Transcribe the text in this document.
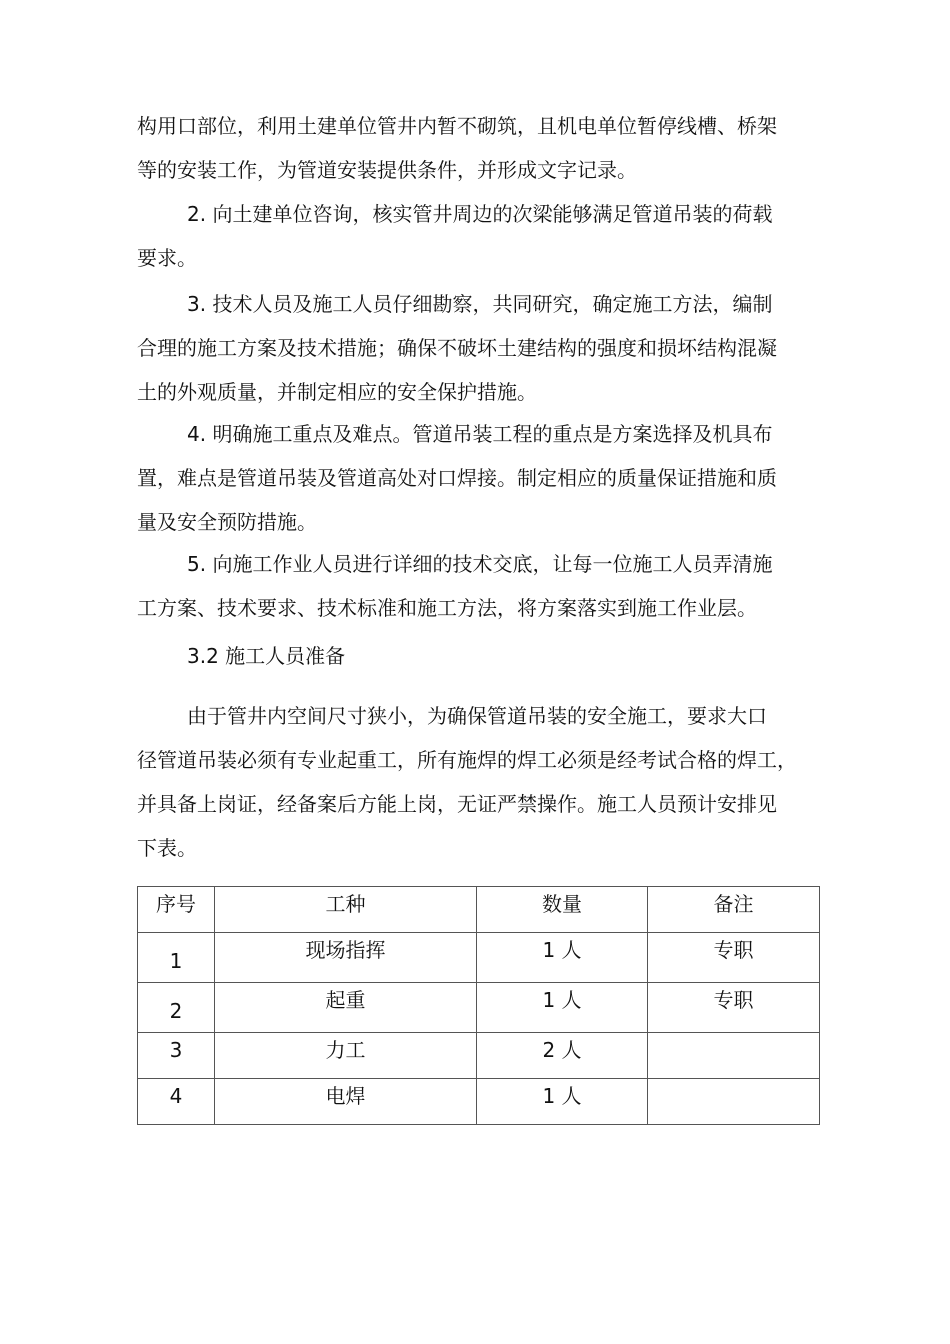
构用口部位，利用土建单位管井内暂不砌筑，且机电单位暂停线槽、桥架
等的安装工作，为管道安装提供条件，并形成文字记录。

2. 向土建单位咨询，核实管井周边的次梁能够满足管道吊装的荷载
要求。

3. 技术人员及施工人员仔细勘察，共同研究，确定施工方法，编制
合理的施工方案及技术措施；确保不破坏土建结构的强度和损坏结构混凝
土的外观质量，并制定相应的安全保护措施。

4. 明确施工重点及难点。管道吊装工程的重点是方案选择及机具布
置，难点是管道吊装及管道高处对口焊接。制定相应的质量保证措施和质
量及安全预防措施。

5. 向施工作业人员进行详细的技术交底，让每一位施工人员弄清施
工方案、技术要求、技术标准和施工方法，将方案落实到施工作业层。

3.2 施工人员准备

由于管井内空间尺寸狭小，为确保管道吊装的安全施工，要求大口
径管道吊装必须有专业起重工，所有施焊的焊工必须是经考试合格的焊工，
并具备上岗证，经备案后方能上岗，无证严禁操作。施工人员预计安排见
下表。

序号	工种	数量	备注
1	现场指挥	1 人	专职
2	起重	1 人	专职
3	力工	2 人	
4	电焊	1 人	
